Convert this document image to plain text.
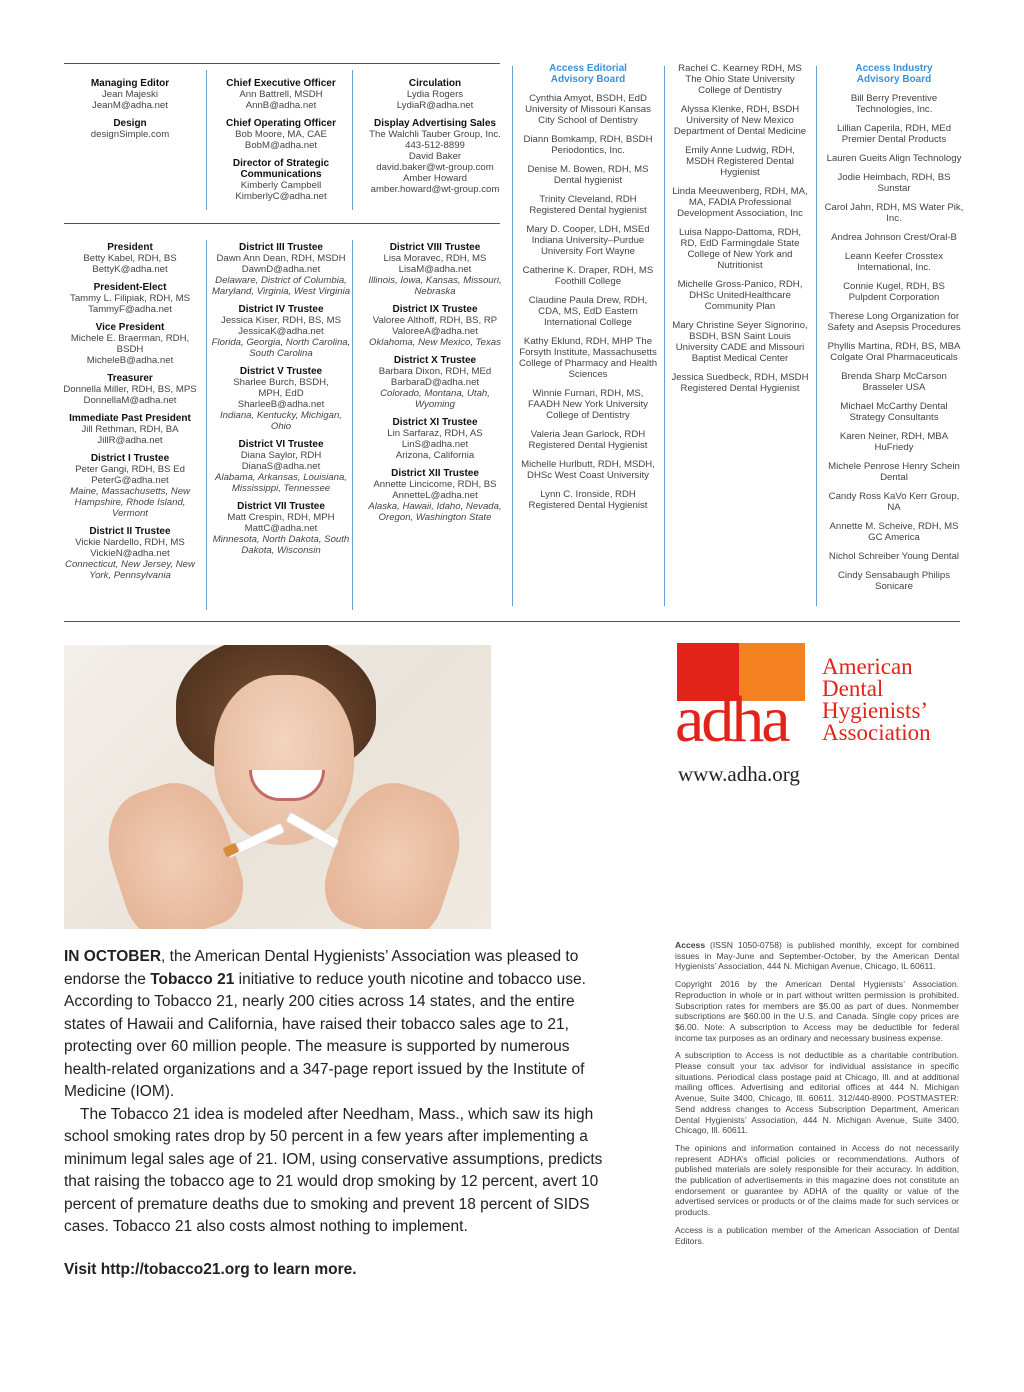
Managing Editor
Jean Majeski
JeanM@adha.net
Design
designSimple.com
Chief Executive Officer
Ann Battrell, MSDH
AnnB@adha.net
Chief Operating Officer
Bob Moore, MA, CAE
BobM@adha.net
Director of Strategic Communications
Kimberly Campbell
KimberlyC@adha.net
Circulation
Lydia Rogers
LydiaR@adha.net
Display Advertising Sales
The Walchli Tauber Group, Inc.
443-512-8899
David Baker
david.baker@wt-group.com
Amber Howard
amber.howard@wt-group.com
President
Betty Kabel, RDH, BS
BettyK@adha.net
President-Elect
Tammy L. Filipiak, RDH, MS
TammyF@adha.net
Vice President
Michele E. Braerman, RDH,
BSDH
MicheleB@adha.net
Treasurer
Donnella Miller, RDH, BS, MPS
DonnellaM@adha.net
Immediate Past President
Jill Rethman, RDH, BA
JillR@adha.net
District I Trustee
Peter Gangi, RDH, BS Ed
PeterG@adha.net
Maine, Massachusetts, New Hampshire, Rhode Island, Vermont
District II Trustee
Vickie Nardello, RDH, MS
VickieN@adha.net
Connecticut, New Jersey, New York, Pennsylvania
District III Trustee
Dawn Ann Dean, RDH, MSDH
DawnD@adha.net
Delaware, District of Columbia, Maryland, Virginia, West Virginia
District IV Trustee
Jessica Kiser, RDH, BS, MS
JessicaK@adha.net
Florida, Georgia, North Carolina, South Carolina
District V Trustee
Sharlee Burch, BSDH,
MPH, EdD
SharleeB@adha.net
Indiana, Kentucky, Michigan, Ohio
District VI Trustee
Diana Saylor, RDH
DianaS@adha.net
Alabama, Arkansas, Louisiana, Mississippi, Tennessee
District VII Trustee
Matt Crespin, RDH, MPH
MattC@adha.net
Minnesota, North Dakota, South Dakota, Wisconsin
District VIII Trustee
Lisa Moravec, RDH, MS
LisaM@adha.net
Illinois, Iowa, Kansas, Missouri, Nebraska
District IX Trustee
Valoree Althoff, RDH, BS, RP
ValoreeA@adha.net
Oklahoma, New Mexico, Texas
District X Trustee
Barbara Dixon, RDH, MEd
BarbaraD@adha.net
Colorado, Montana, Utah, Wyoming
District XI Trustee
Lin Sarfaraz, RDH, AS
LinS@adha.net
Arizona, California
District XII Trustee
Annette Lincicome, RDH, BS
AnnetteL@adha.net
Alaska, Hawaii, Idaho, Nevada, Oregon, Washington State
Access Editorial
Advisory Board
Cynthia Amyot, BSDH, EdD University of Missouri Kansas City School of Dentistry
Diann Bomkamp, RDH, BSDH Periodontics, Inc.
Denise M. Bowen, RDH, MS Dental hygienist
Trinity Cleveland, RDH Registered Dental hygienist
Mary D. Cooper, LDH, MSEd Indiana University–Purdue University Fort Wayne
Catherine K. Draper, RDH, MS Foothill College
Claudine Paula Drew, RDH, CDA, MS, EdD Eastern International College
Kathy Eklund, RDH, MHP The Forsyth Institute, Massachusetts College of Pharmacy and Health Sciences
Winnie Furnari, RDH, MS, FAADH New York University College of Dentistry
Valeria Jean Garlock, RDH Registered Dental Hygienist
Michelle Hurlbutt, RDH, MSDH, DHSc West Coast University
Lynn C. Ironside, RDH Registered Dental Hygienist
Rachel C. Kearney RDH, MS The Ohio State University College of Dentistry
Alyssa Klenke, RDH, BSDH University of New Mexico Department of Dental Medicine
Emily Anne Ludwig, RDH, MSDH Registered Dental Hygienist
Linda Meeuwenberg, RDH, MA, MA, FADIA Professional Development Association, Inc
Luisa Nappo-Dattoma, RDH, RD, EdD Farmingdale State College of New York and Nutritionist
Michelle Gross-Panico, RDH, DHSc UnitedHealthcare Community Plan
Mary Christine Seyer Signorino, BSDH, BSN Saint Louis University CADE and Missouri Baptist Medical Center
Jessica Suedbeck, RDH, MSDH Registered Dental Hygienist
Access Industry
Advisory Board
Bill Berry Preventive Technologies, Inc.
Lillian Caperila, RDH, MEd Premier Dental Products
Lauren Gueits Align Technology
Jodie Heimbach, RDH, BS Sunstar
Carol Jahn, RDH, MS Water Pik, Inc.
Andrea Johnson Crest/Oral-B
Leann Keefer Crosstex International, Inc.
Connie Kugel, RDH, BS Pulpdent Corporation
Therese Long Organization for Safety and Asepsis Procedures
Phyllis Martina, RDH, BS, MBA Colgate Oral Pharmaceuticals
Brenda Sharp McCarson Brasseler USA
Michael McCarthy Dental Strategy Consultants
Karen Neiner, RDH, MBA HuFriedy
Michele Penrose Henry Schein Dental
Candy Ross KaVo Kerr Group, NA
Annette M. Scheive, RDH, MS GC America
Nichol Schreiber Young Dental
Cindy Sensabaugh Philips Sonicare
adha
American
Dental
Hygienists’
Association
www.adha.org

IN OCTOBER, the American Dental Hygienists’ Association was pleased to endorse the Tobacco 21 initiative to reduce youth nicotine and tobacco use. According to Tobacco 21, nearly 200 cities across 14 states, and the entire states of Hawaii and California, have raised their tobacco sales age to 21, protecting over 60 million people. The measure is supported by numerous health-related organizations and a 347-page report issued by the Institute of Medicine (IOM).

The Tobacco 21 idea is modeled after Needham, Mass., which saw its high school smoking rates drop by 50 percent in a few years after implementing a minimum legal sales age of 21. IOM, using conservative assumptions, predicts that raising the tobacco age to 21 would drop smoking by 12 percent, avert 10 percent of premature deaths due to smoking and prevent 18 percent of SIDS cases. Tobacco 21 also costs almost nothing to implement.

Visit http://tobacco21.org to learn more.

Access (ISSN 1050-0758) is published monthly, except for combined issues in May-June and September-October, by the American Dental Hygienists’ Association, 444 N. Michigan Avenue, Chicago, IL 60611.

Copyright 2016 by the American Dental Hygienists’ Association. Reproduction in whole or in part without written permission is prohibited. Subscription rates for members are $5.00 as part of dues. Nonmember subscriptions are $60.00 in the U.S. and Canada. Single copy prices are $6.00. Note: A subscription to Access may be deductible for federal income tax purposes as an ordinary and necessary business expense.

A subscription to Access is not deductible as a charitable contribution. Please consult your tax advisor for individual assistance in specific situations. Periodical class postage paid at Chicago, Ill. and at additional mailing offices. Advertising and editorial offices at 444 N. Michigan Avenue, Suite 3400, Chicago, Ill. 60611. 312/440-8900. POSTMASTER: Send address changes to Access Subscription Department, American Dental Hygienists’ Association, 444 N. Michigan Avenue, Suite 3400, Chicago, Ill. 60611.

The opinions and information contained in Access do not necessarily represent ADHA’s official policies or recommendations. Authors of published materials are solely responsible for their accuracy. In addition, the publication of advertisements in this magazine does not constitute an endorsement or guarantee by ADHA of the quality or value of the advertised services or products or of the claims made for such services or products.

Access is a publication member of the American Association of Dental Editors.
